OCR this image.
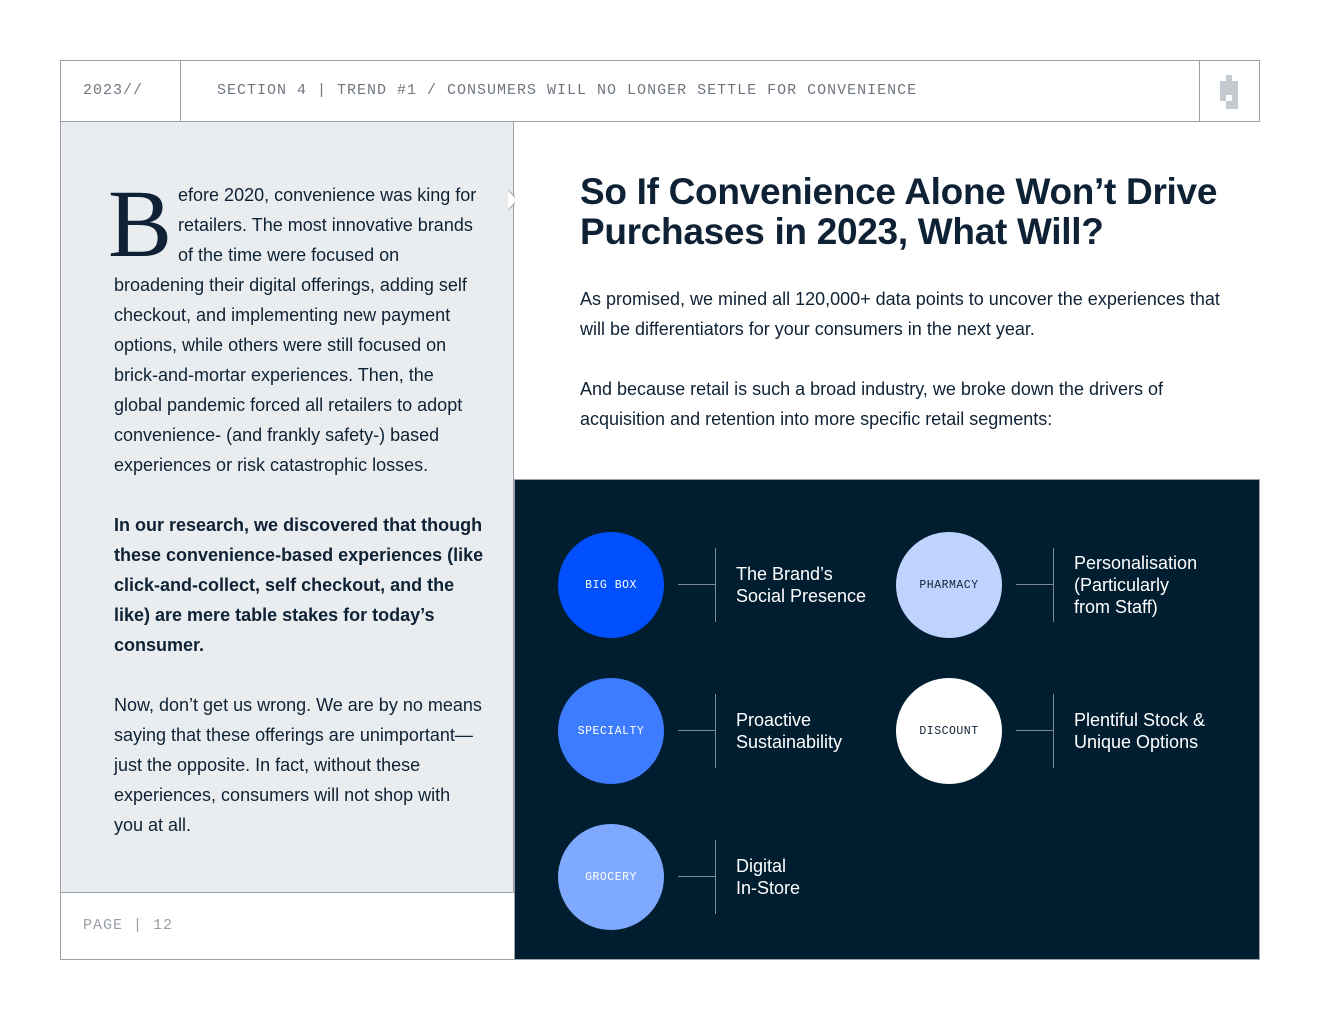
2023//	SECTION 4 | TREND #1 / CONSUMERS WILL NO LONGER SETTLE FOR CONVENIENCE

Before 2020, convenience was king for retailers. The most innovative brands of the time were focused on broadening their digital offerings, adding self checkout, and implementing new payment options, while others were still focused on brick-and-mortar experiences. Then, the global pandemic forced all retailers to adopt convenience- (and frankly safety-) based experiences or risk catastrophic losses.

In our research, we discovered that though these convenience-based experiences (like click-and-collect, self checkout, and the like) are mere table stakes for today’s consumer.

Now, don’t get us wrong. We are by no means saying that these offerings are unimportant—just the opposite. In fact, without these experiences, consumers will not shop with you at all.

PAGE | 12
So If Convenience Alone Won’t Drive Purchases in 2023, What Will?

As promised, we mined all 120,000+ data points to uncover the experiences that will be differentiators for your consumers in the next year.

And because retail is such a broad industry, we broke down the drivers of acquisition and retention into more specific retail segments:

BIG BOX
The Brand’s
Social Presence
PHARMACY
Personalisation
(Particularly
from Staff)
SPECIALTY
Proactive
Sustainability
DISCOUNT
Plentiful Stock &
Unique Options
GROCERY
Digital
In-Store
